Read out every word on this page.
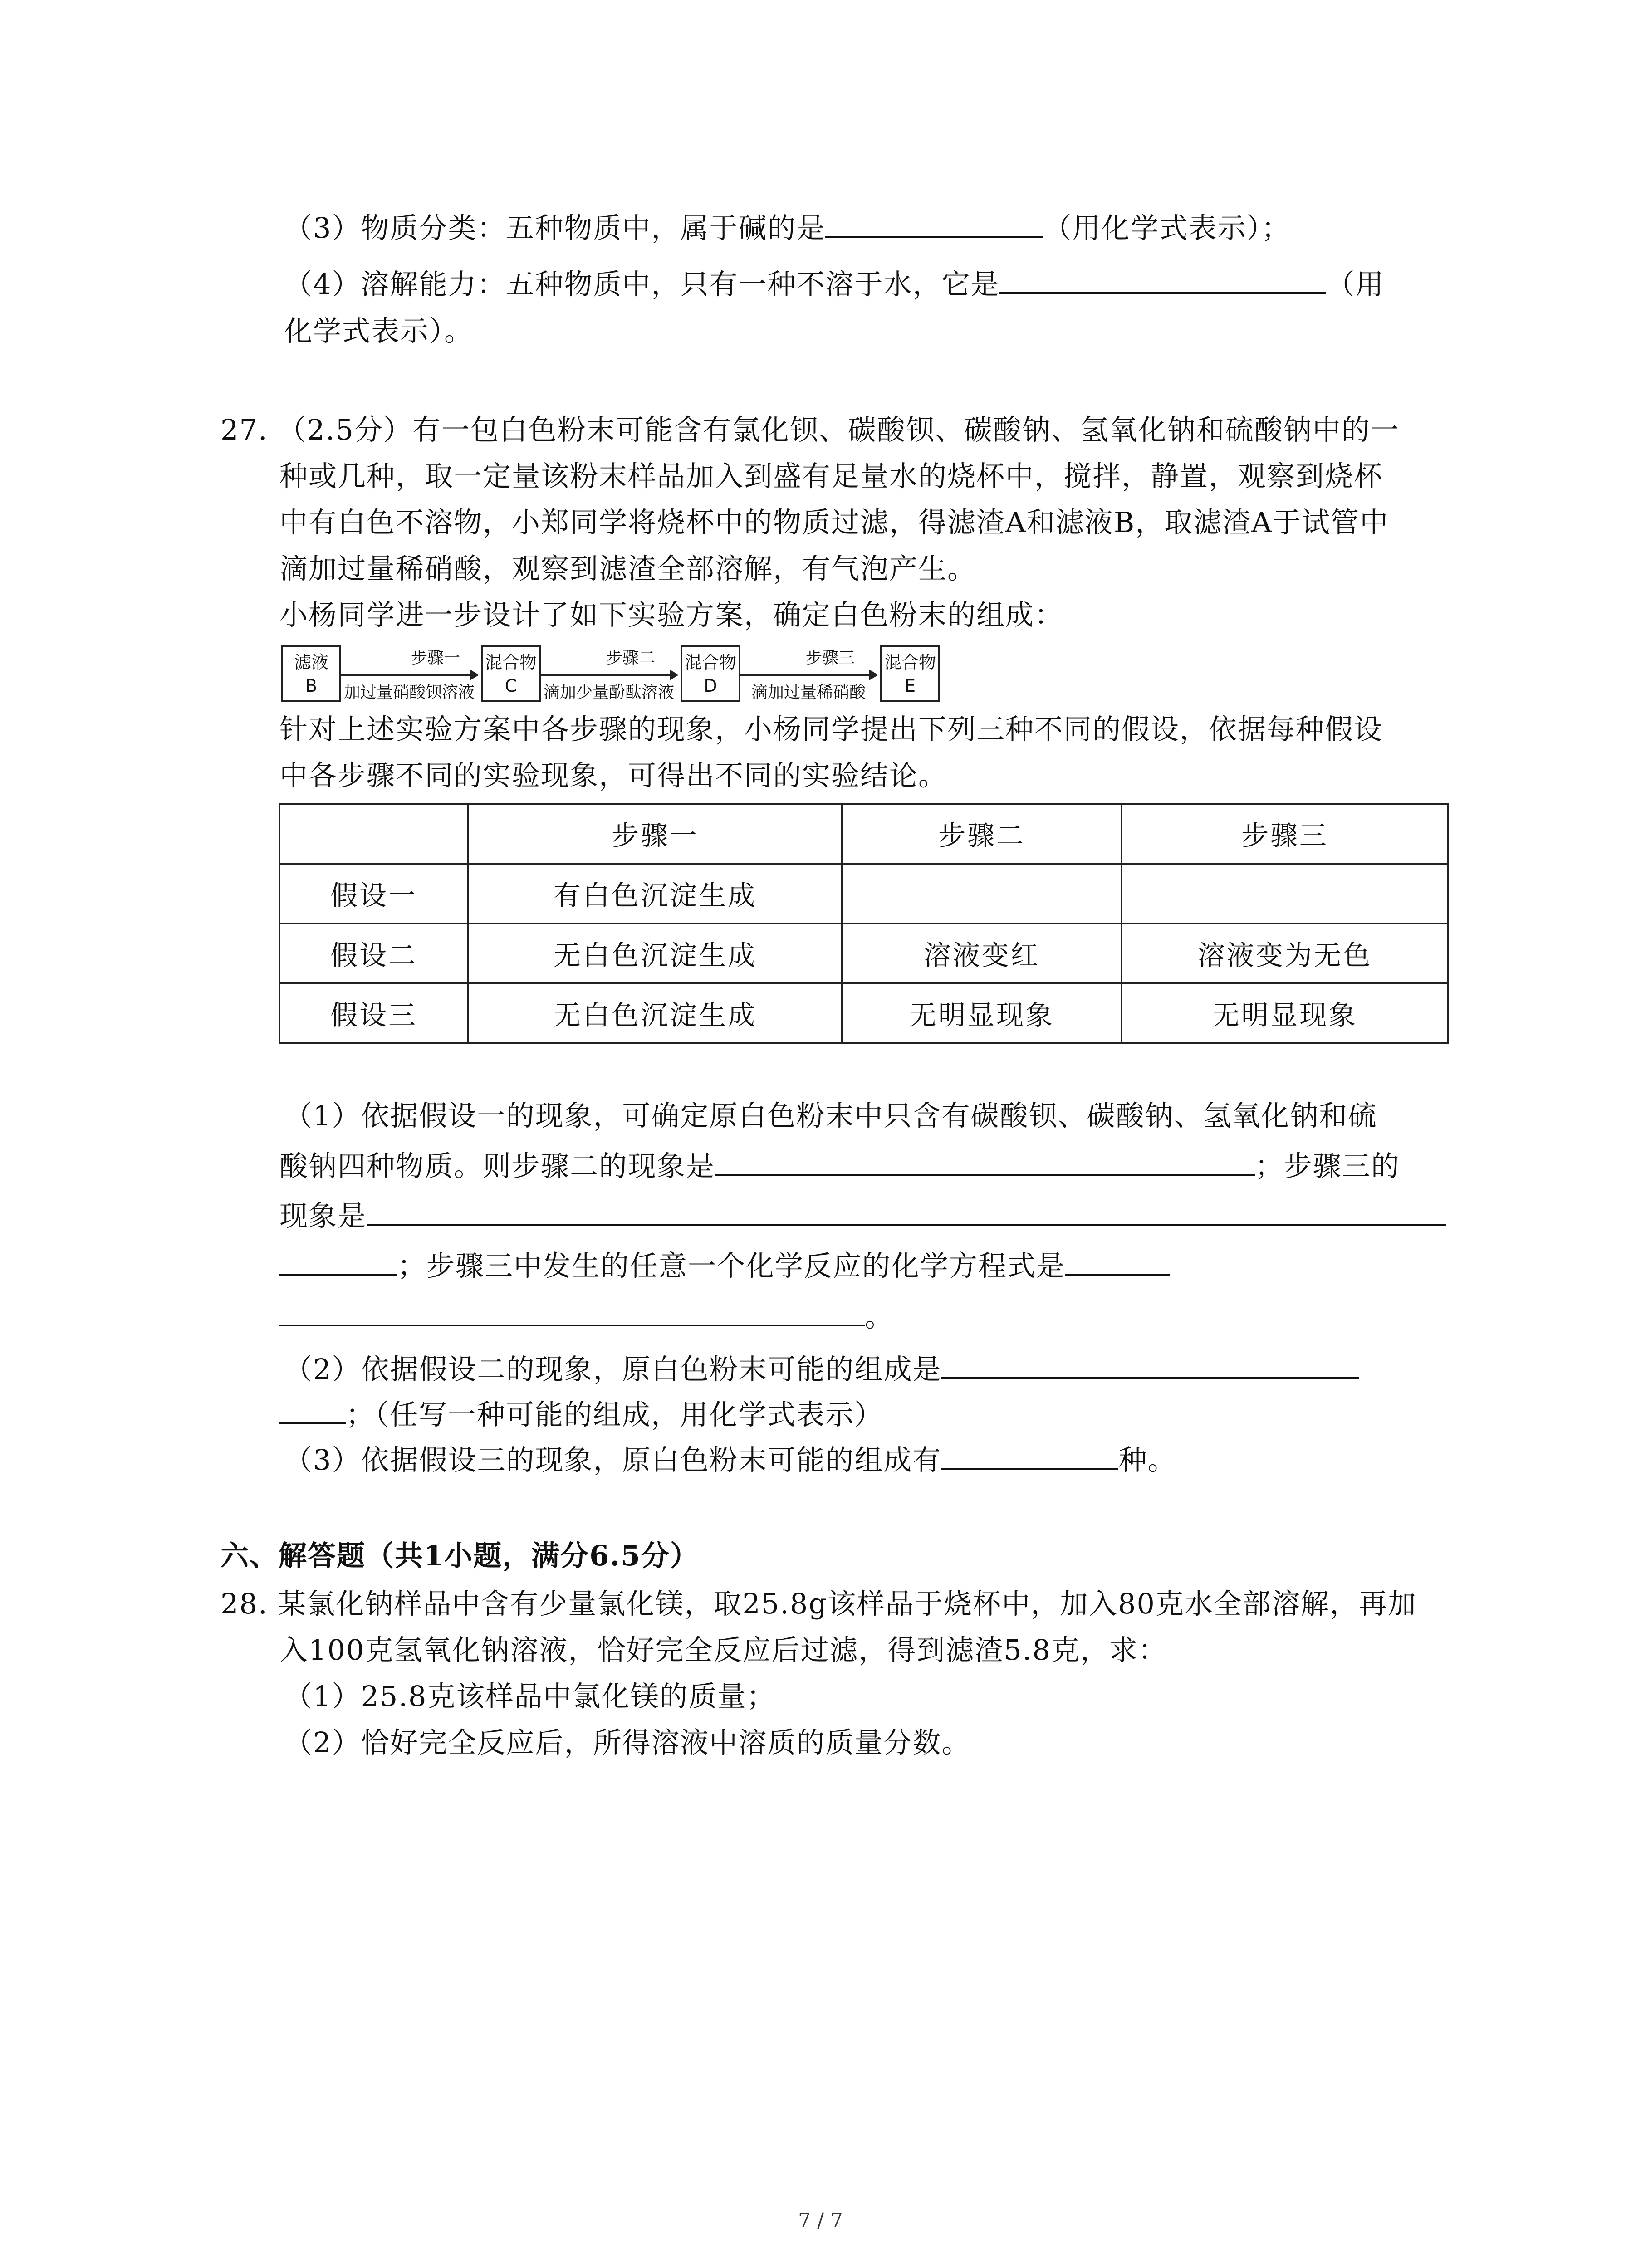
（3）物质分类：五种物质中，属于碱的是	（用化学式表示）；
（4）溶解能力：五种物质中，只有一种不溶于水，它是	（用
化学式表示）。
27. （2.5分）有一包白色粉末可能含有氯化钡、碳酸钡、碳酸钠、氢氧化钠和硫酸钠中的一
种或几种，取一定量该粉末样品加入到盛有足量水的烧杯中，搅拌，静置，观察到烧杯
中有白色不溶物，小郑同学将烧杯中的物质过滤，得滤渣A和滤液B，取滤渣A于试管中
滴加过量稀硝酸，观察到滤渣全部溶解，有气泡产生。
小杨同学进一步设计了如下实验方案，确定白色粉末的组成：
滤液
B
步骤一
加过量硝酸钡溶液
混合物
C
步骤二
滴加少量酚酞溶液
混合物
D
步骤三
滴加过量稀硝酸
混合物
E
针对上述实验方案中各步骤的现象，小杨同学提出下列三种不同的假设，依据每种假设
中各步骤不同的实验现象，可得出不同的实验结论。
	步骤一	步骤二	步骤三
假设一	有白色沉淀生成		
假设二	无白色沉淀生成	溶液变红	溶液变为无色
假设三	无白色沉淀生成	无明显现象	无明显现象
（1）依据假设一的现象，可确定原白色粉末中只含有碳酸钡、碳酸钠、氢氧化钠和硫
酸钠四种物质。则步骤二的现象是	；步骤三的
现象是
；步骤三中发生的任意一个化学反应的化学方程式是
。
（2）依据假设二的现象，原白色粉末可能的组成是
；（任写一种可能的组成，用化学式表示）
（3）依据假设三的现象，原白色粉末可能的组成有	种。
六、解答题（共1小题，满分6.5分）
28. 某氯化钠样品中含有少量氯化镁，取25.8g该样品于烧杯中，加入80克水全部溶解，再加
入100克氢氧化钠溶液，恰好完全反应后过滤，得到滤渣5.8克，求：
（1）25.8克该样品中氯化镁的质量；
（2）恰好完全反应后，所得溶液中溶质的质量分数。
7 / 7
